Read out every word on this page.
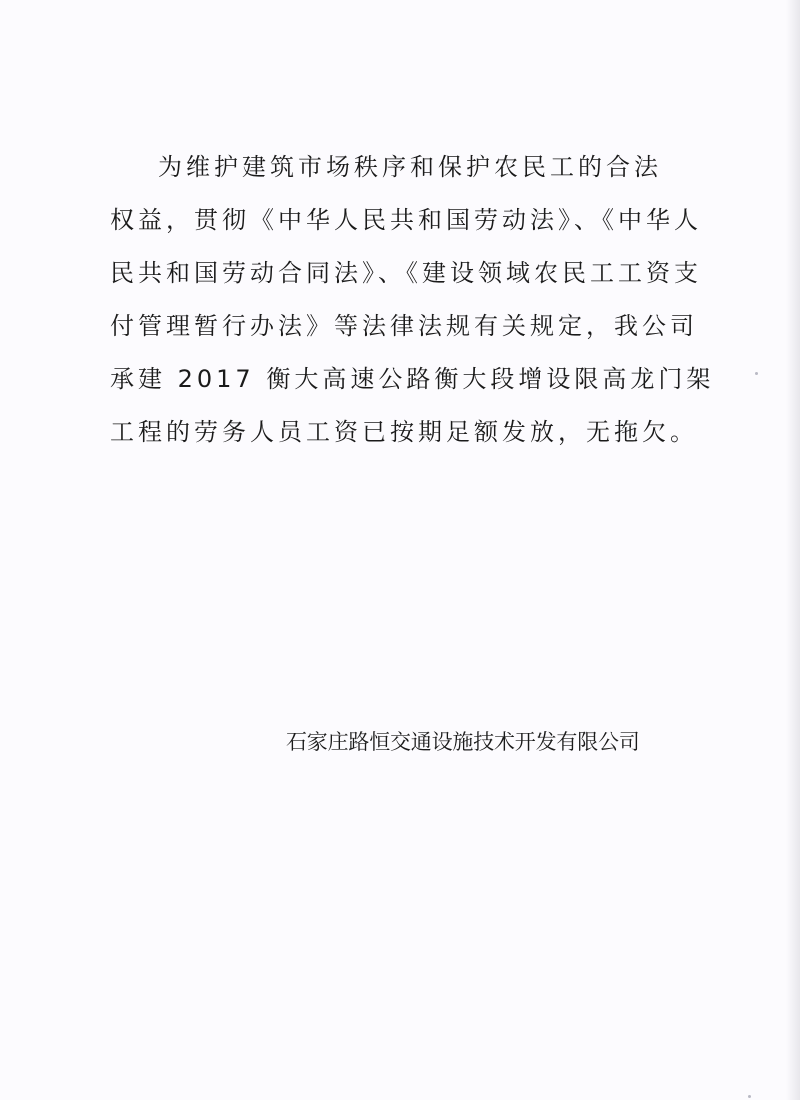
为维护建筑市场秩序和保护农民工的合法
权益，贯彻《中华人民共和国劳动法》、《中华人
民共和国劳动合同法》、《建设领域农民工工资支
付管理暂行办法》等法律法规有关规定，我公司
承建 2017 衡大高速公路衡大段增设限高龙门架
工程的劳务人员工资已按期足额发放，无拖欠。
石家庄路恒交通设施技术开发有限公司
